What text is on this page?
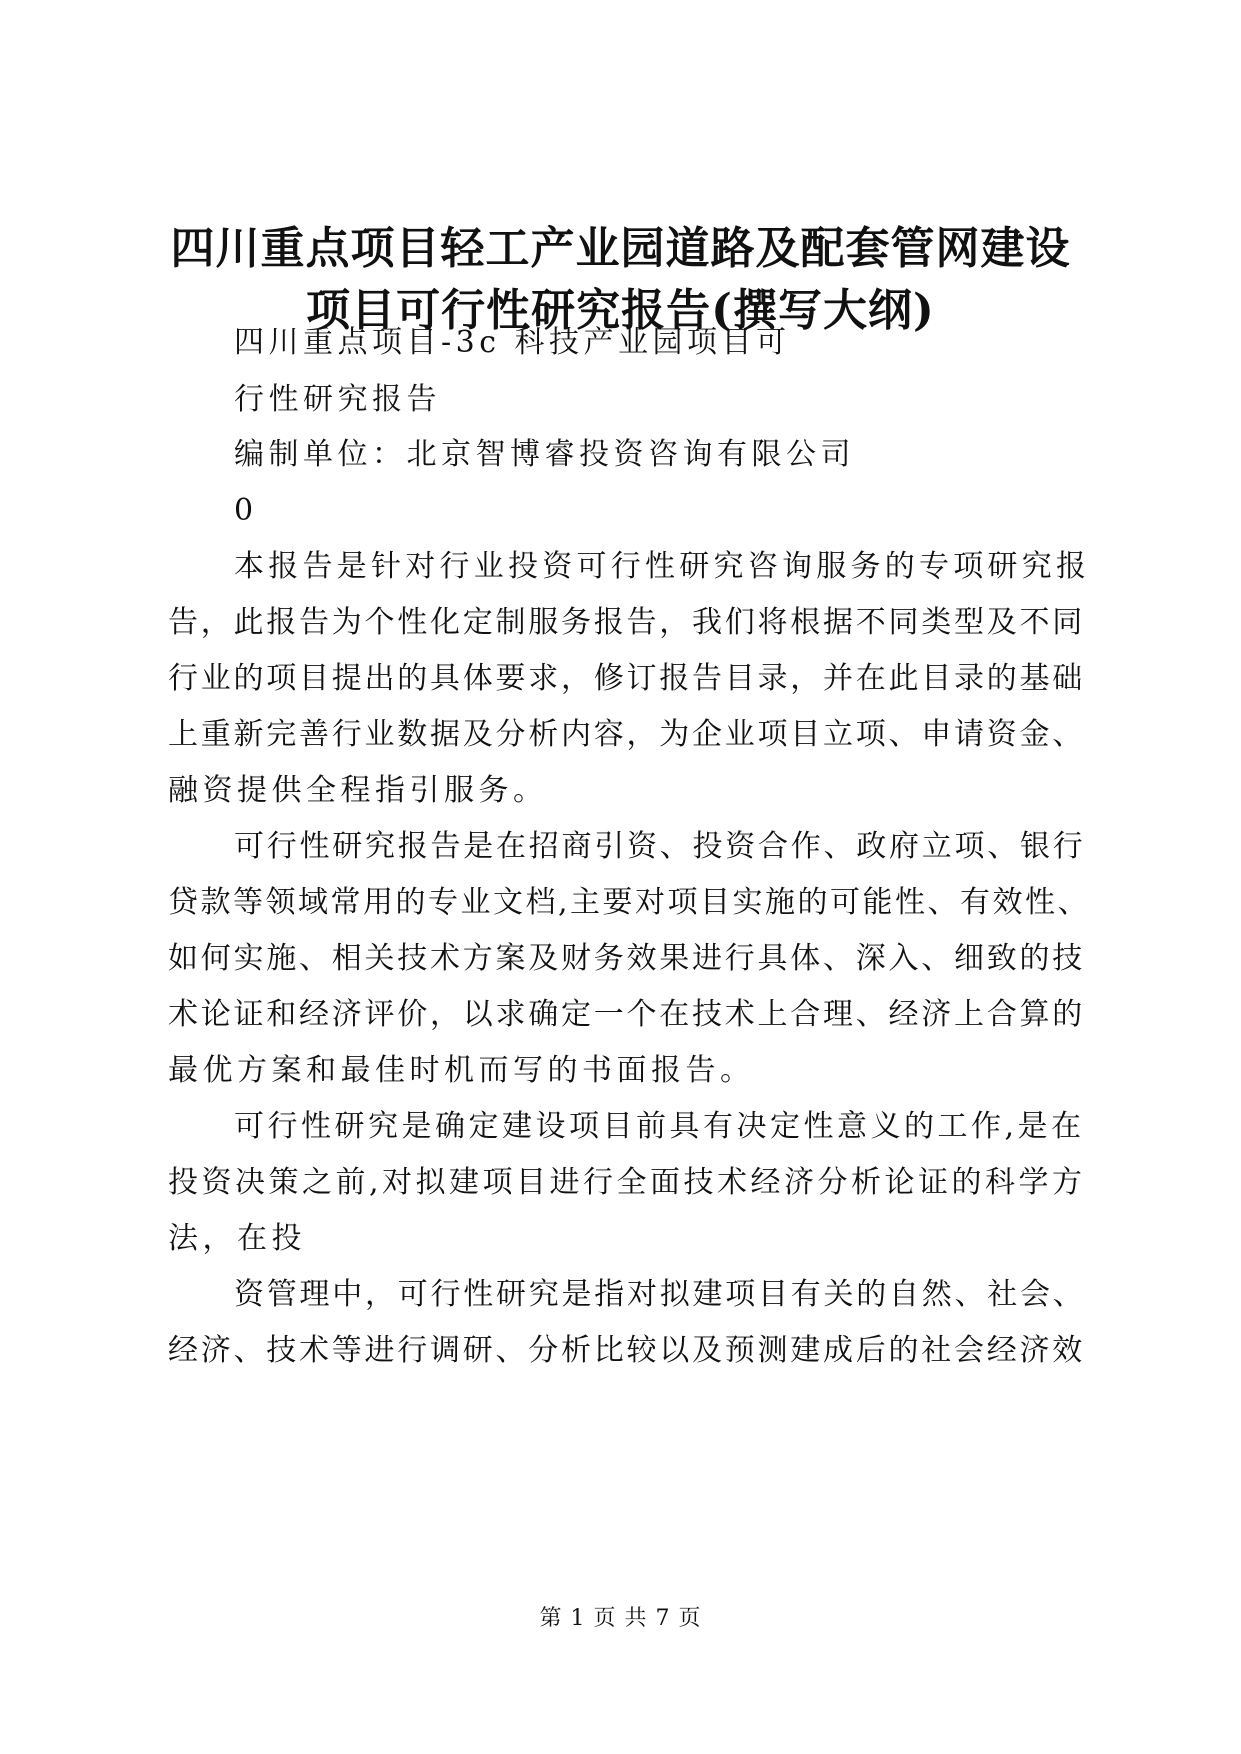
四川重点项目轻工产业园道路及配套管网建设
项目可行性研究报告(撰写大纲)

四川重点项目-3c 科技产业园项目可

行性研究报告

编制单位：北京智博睿投资咨询有限公司

0

本报告是针对行业投资可行性研究咨询服务的专项研究报

告，此报告为个性化定制服务报告，我们将根据不同类型及不同

行业的项目提出的具体要求，修订报告目录，并在此目录的基础

上重新完善行业数据及分析内容，为企业项目立项、申请资金、

融资提供全程指引服务。

可行性研究报告是在招商引资、投资合作、政府立项、银行

贷款等领域常用的专业文档,主要对项目实施的可能性、有效性、

如何实施、相关技术方案及财务效果进行具体、深入、细致的技

术论证和经济评价，以求确定一个在技术上合理、经济上合算的

最优方案和最佳时机而写的书面报告。

可行性研究是确定建设项目前具有决定性意义的工作,是在

投资决策之前,对拟建项目进行全面技术经济分析论证的科学方

法，在投

资管理中，可行性研究是指对拟建项目有关的自然、社会、

经济、技术等进行调研、分析比较以及预测建成后的社会经济效

第 1 页 共 7 页
